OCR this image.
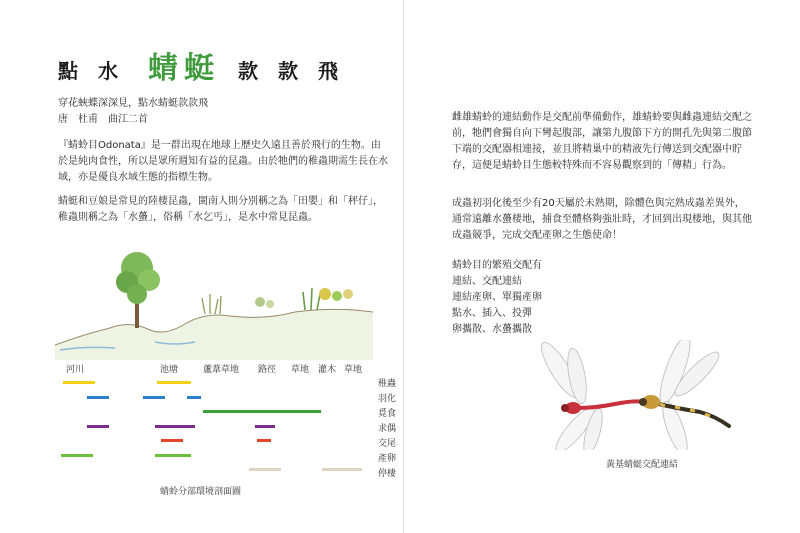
點水 蜻蜓 款款飛

穿花蛺蝶深深見，點水蜻蜓款款飛

唐　杜甫　曲江二首

『蜻蛉目Odonata』是一群出現在地球上歷史久遠且善於飛行的生物。由於是純肉食性，所以是眾所週知有益的昆蟲。由於牠們的稚蟲期需生長在水域，亦是優良水域生態的指標生物。

蜻蜓和豆娘是常見的陸棲昆蟲，閩南人則分別稱之為「田嬰」和「秤仔」，稚蟲則稱之為「水蠆」，俗稱「水乞丐」，是水中常見昆蟲。

河川	池塘	蘆葦草地 路徑 草地 灌木 草地
稚蟲
羽化
覓食
求偶
交尾
產卵
停棲
蜻蛉分部環境剖面圖

雌雄蜻蛉的連結動作是交配前準備動作，雄蜻蛉要與雌蟲連結交配之前，牠們會獨自向下彎起腹部，讓第九腹節下方的開孔先與第二腹節下端的交配器相連接，並且將精巢中的精液先行傳送到交配器中貯存，這便是蜻蛉目生態較特殊而不容易觀察到的「傳精」行為。

成蟲初羽化後至少有20天屬於未熟期，除體色與完熟成蟲差異外，通常遠離水蠆棲地，捕食至體格夠強壯時，才回到出現棲地，與其他成蟲競爭，完成交配產卵之生態使命！

蜻蛉目的繁殖交配有

連結、交配連結

連結產卵、單獨產卵

點水、插入、投彈

卵攜散、水蠆攜散

黃基蜻蜓交配連結
